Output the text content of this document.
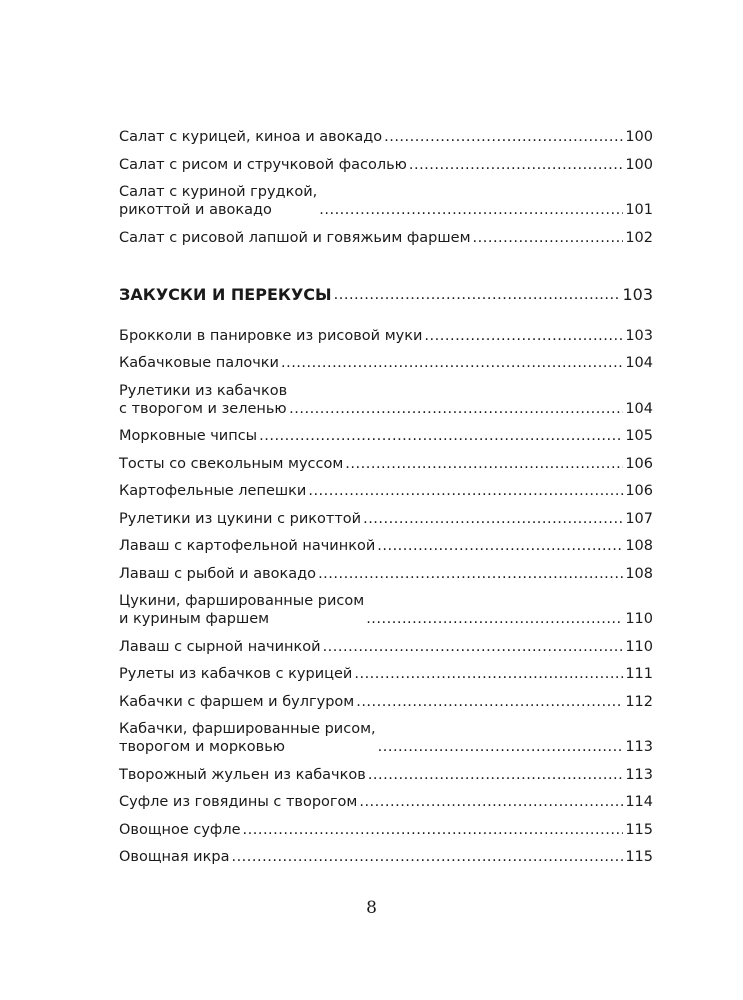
Салат с курицей, киноа и авокадо .....	100
Салат с рисом и стручковой фасолью .....	100
Салат с куриной грудкой,
рикоттой и авокадо .....	101
Салат с рисовой лапшой и говяжьим фаршем .....	102
ЗАКУСКИ И ПЕРЕКУСЫ .....	103
Брокколи в панировке из рисовой муки .....	103
Кабачковые палочки .....	104
Рулетики из кабачков
с творогом и зеленью .....	104
Морковные чипсы .....	105
Тосты со свекольным муссом .....	106
Картофельные лепешки .....	106
Рулетики из цукини с рикоттой .....	107
Лаваш с картофельной начинкой .....	108
Лаваш с рыбой и авокадо .....	108
Цукини, фаршированные рисом
и куриным фаршем .....	110
Лаваш с сырной начинкой .....	110
Рулеты из кабачков с курицей .....	111
Кабачки с фаршем и булгуром .....	112
Кабачки, фаршированные рисом,
творогом и морковью .....	113
Творожный жульен из кабачков .....	113
Суфле из говядины с творогом .....	114
Овощное суфле .....	115
Овощная икра .....	115
8
